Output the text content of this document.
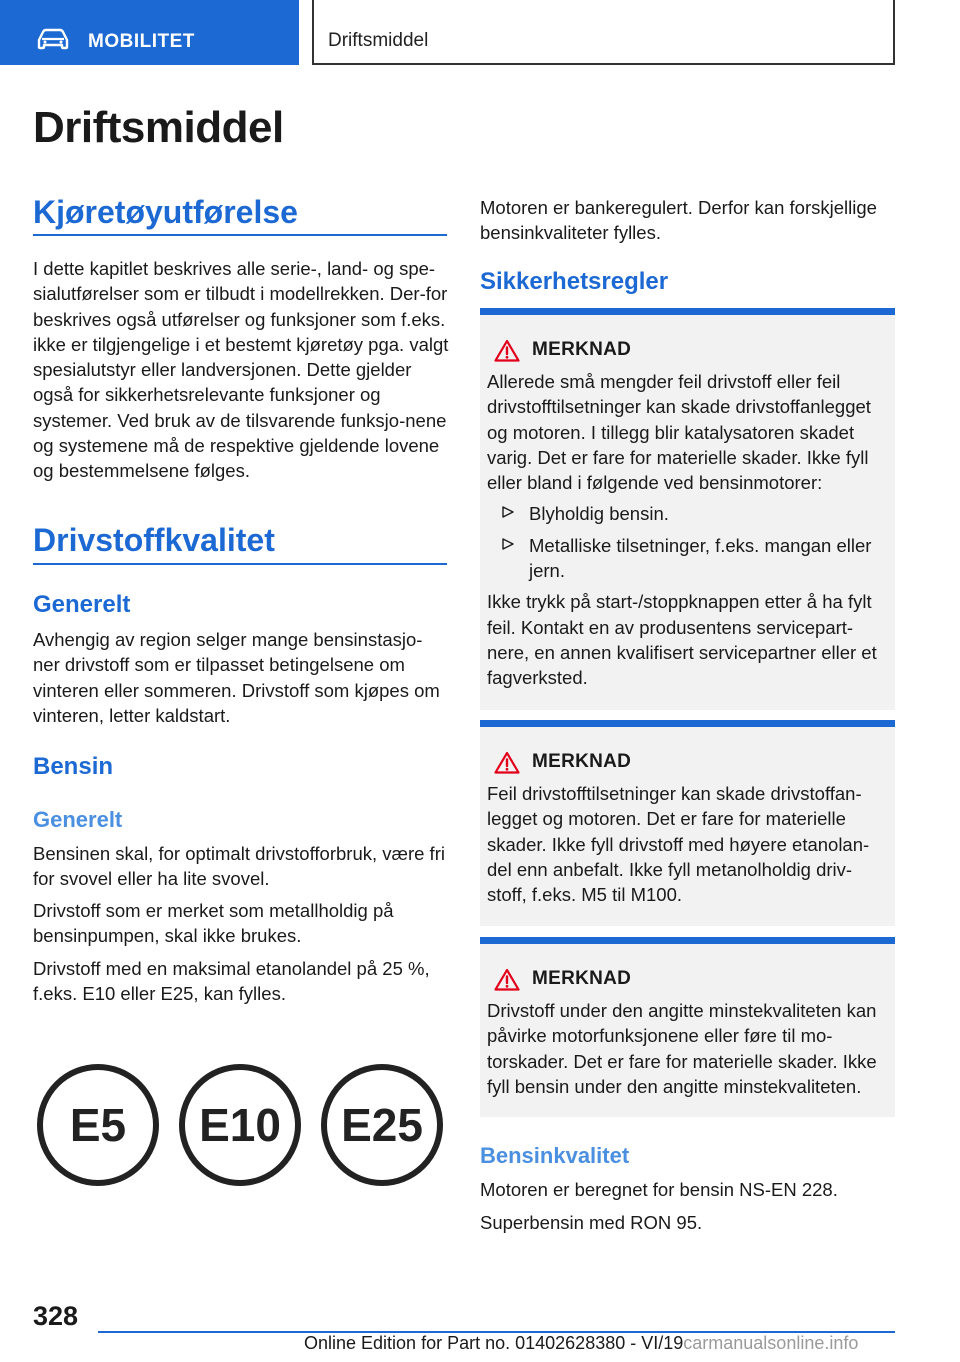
MOBILITET	Driftsmiddel
Driftsmiddel
Kjøretøyutførelse
I dette kapitlet beskrives alle serie-, land- og spe-sialutførelser som er tilbudt i modellrekken. Der-for beskrives også utførelser og funksjoner som f.eks. ikke er tilgjengelige i et bestemt kjøretøy pga. valgt spesialutstyr eller landversjonen. Dette gjelder også for sikkerhetsrelevante funksjoner og systemer. Ved bruk av de tilsvarende funksjo-nene og systemene må de respektive gjeldende lovene og bestemmelsene følges.
Drivstoffkvalitet
Generelt
Avhengig av region selger mange bensinstasjo-ner drivstoff som er tilpasset betingelsene om vinteren eller sommeren. Drivstoff som kjøpes om vinteren, letter kaldstart.
Bensin
Generelt
Bensinen skal, for optimalt drivstofforbruk, være fri for svovel eller ha lite svovel.
Drivstoff som er merket som metallholdig på bensinpumpen, skal ikke brukes.
Drivstoff med en maksimal etanolandel på 25 %, f.eks. E10 eller E25, kan fylles.
E5 E10 E25
Motoren er bankeregulert. Derfor kan forskjellige bensinkvaliteter fylles.
Sikkerhetsregler
MERKNAD
Allerede små mengder feil drivstoff eller feil drivstofftilsetninger kan skade drivstoffanlegget og motoren. I tillegg blir katalysatoren skadet varig. Det er fare for materielle skader. Ikke fyll eller bland i følgende ved bensinmotorer:
Blyholdig bensin.
Metalliske tilsetninger, f.eks. mangan eller jern.
Ikke trykk på start-/stoppknappen etter å ha fylt feil. Kontakt en av produsentens servicepart-nere, en annen kvalifisert servicepartner eller et fagverksted.
MERKNAD
Feil drivstofftilsetninger kan skade drivstoffan-legget og motoren. Det er fare for materielle skader. Ikke fyll drivstoff med høyere etanolan-del enn anbefalt. Ikke fyll metanolholdig driv-stoff, f.eks. M5 til M100.
MERKNAD
Drivstoff under den angitte minstekvaliteten kan påvirke motorfunksjonene eller føre til mo-torskader. Det er fare for materielle skader. Ikke fyll bensin under den angitte minstekvaliteten.
Bensinkvalitet
Motoren er beregnet for bensin NS-EN 228.
Superbensin med RON 95.
328
Online Edition for Part no. 01402628380 - VI/19carmanualsonline.info
